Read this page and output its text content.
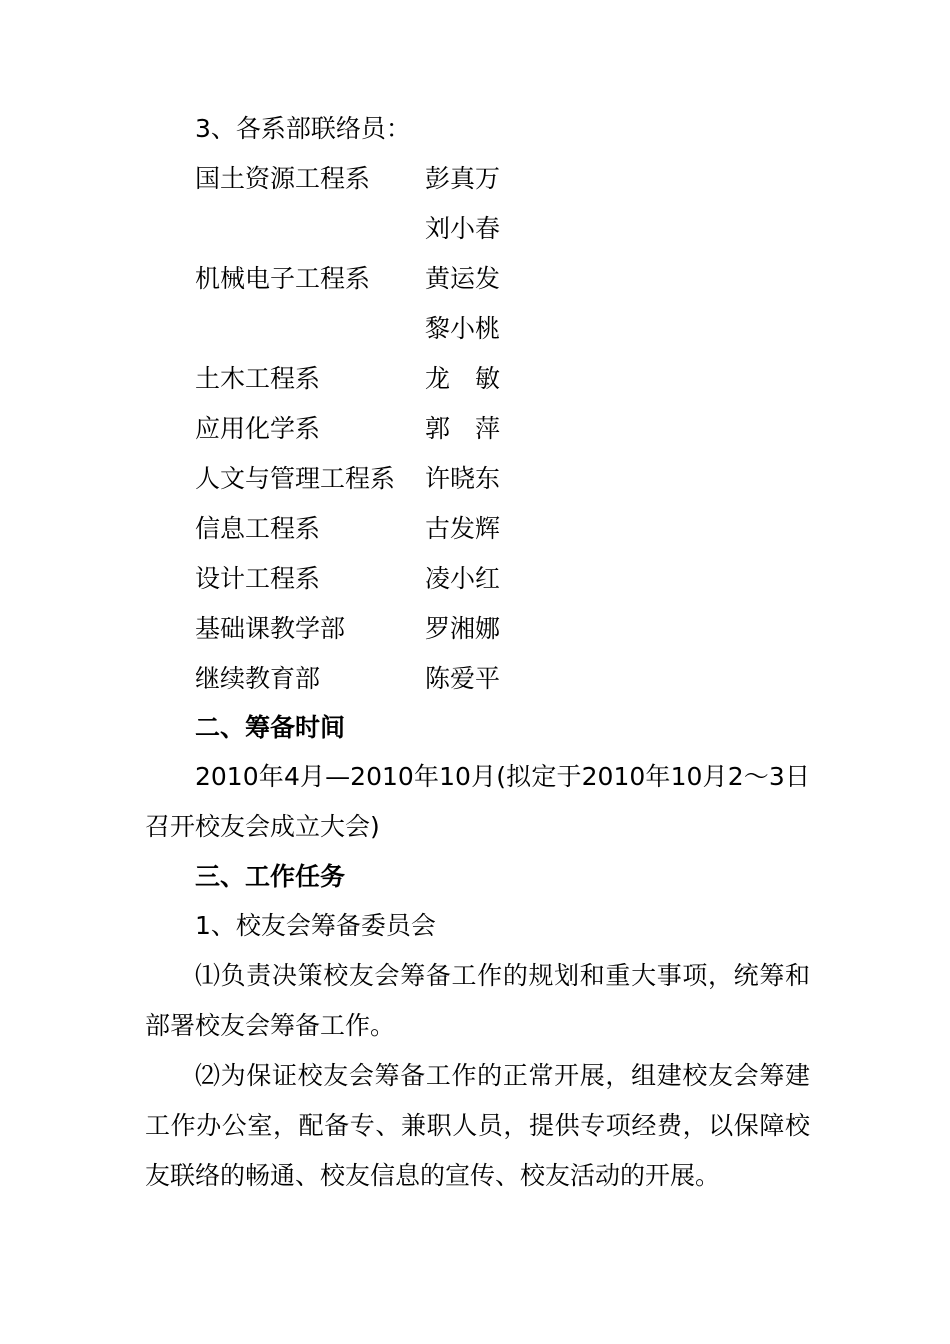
3、各系部联络员：
国土资源工程系 彭真万
刘小春
机械电子工程系 黄运发
黎小桃
土木工程系	龙　敏
应用化学系	郭　萍
人文与管理工程系 许晓东
信息工程系	古发辉
设计工程系	凌小红
基础课教学部	罗湘娜
继续教育部	陈爱平
二、筹备时间
2010年4月—2010年10月(拟定于2010年10月2～3日召开校友会成立大会)
三、工作任务
1、校友会筹备委员会
⑴负责决策校友会筹备工作的规划和重大事项，统筹和部署校友会筹备工作。
⑵为保证校友会筹备工作的正常开展，组建校友会筹建工作办公室，配备专、兼职人员，提供专项经费，以保障校友联络的畅通、校友信息的宣传、校友活动的开展。
